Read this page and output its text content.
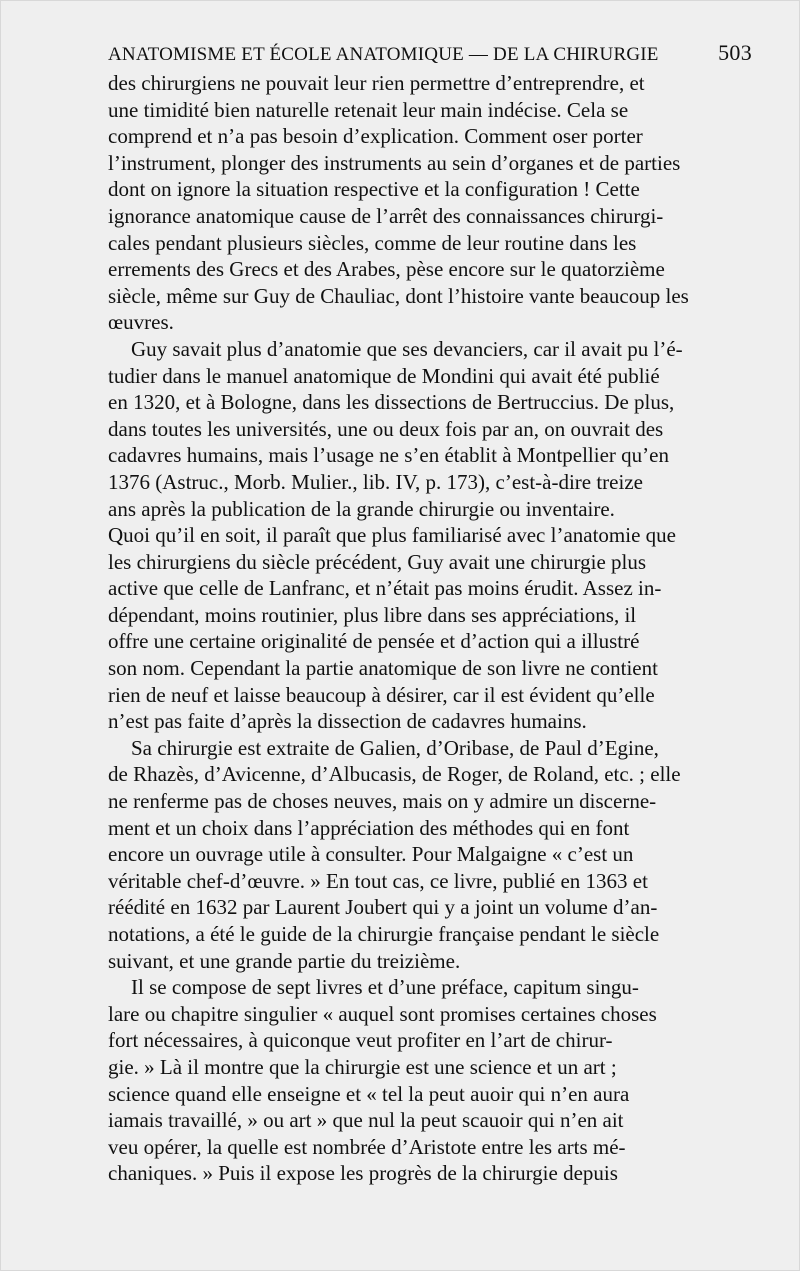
ANATOMISME ET ÉCOLE ANATOMIQUE — DE LA CHIRURGIE	503
des chirurgiens ne pouvait leur rien permettre d’entreprendre, et
une timidité bien naturelle retenait leur main indécise. Cela se
comprend et n’a pas besoin d’explication. Comment oser porter
l’instrument, plonger des instruments au sein d’organes et de parties
dont on ignore la situation respective et la configuration ! Cette
ignorance anatomique cause de l’arrêt des connaissances chirurgi-
cales pendant plusieurs siècles, comme de leur routine dans les
errements des Grecs et des Arabes, pèse encore sur le quatorzième
siècle, même sur Guy de Chauliac, dont l’histoire vante beaucoup les
œuvres.
Guy savait plus d’anatomie que ses devanciers, car il avait pu l’é-
tudier dans le manuel anatomique de Mondini qui avait été publié
en 1320, et à Bologne, dans les dissections de Bertruccius. De plus,
dans toutes les universités, une ou deux fois par an, on ouvrait des
cadavres humains, mais l’usage ne s’en établit à Montpellier qu’en
1376 (Astruc., Morb. Mulier., lib. IV, p. 173), c’est-à-dire treize
ans après la publication de la grande chirurgie ou inventaire.
Quoi qu’il en soit, il paraît que plus familiarisé avec l’anatomie que
les chirurgiens du siècle précédent, Guy avait une chirurgie plus
active que celle de Lanfranc, et n’était pas moins érudit. Assez in-
dépendant, moins routinier, plus libre dans ses appréciations, il
offre une certaine originalité de pensée et d’action qui a illustré
son nom. Cependant la partie anatomique de son livre ne contient
rien de neuf et laisse beaucoup à désirer, car il est évident qu’elle
n’est pas faite d’après la dissection de cadavres humains.
Sa chirurgie est extraite de Galien, d’Oribase, de Paul d’Egine,
de Rhazès, d’Avicenne, d’Albucasis, de Roger, de Roland, etc. ; elle
ne renferme pas de choses neuves, mais on y admire un discerne-
ment et un choix dans l’appréciation des méthodes qui en font
encore un ouvrage utile à consulter. Pour Malgaigne « c’est un
véritable chef-d’œuvre. » En tout cas, ce livre, publié en 1363 et
réédité en 1632 par Laurent Joubert qui y a joint un volume d’an-
notations, a été le guide de la chirurgie française pendant le siècle
suivant, et une grande partie du treizième.
Il se compose de sept livres et d’une préface, capitum singu-
lare ou chapitre singulier « auquel sont promises certaines choses
fort nécessaires, à quiconque veut profiter en l’art de chirur-
gie. » Là il montre que la chirurgie est une science et un art ;
science quand elle enseigne et « tel la peut auoir qui n’en aura
iamais travaillé, » ou art » que nul la peut scauoir qui n’en ait
veu opérer, la quelle est nombrée d’Aristote entre les arts mé-
chaniques. » Puis il expose les progrès de la chirurgie depuis
